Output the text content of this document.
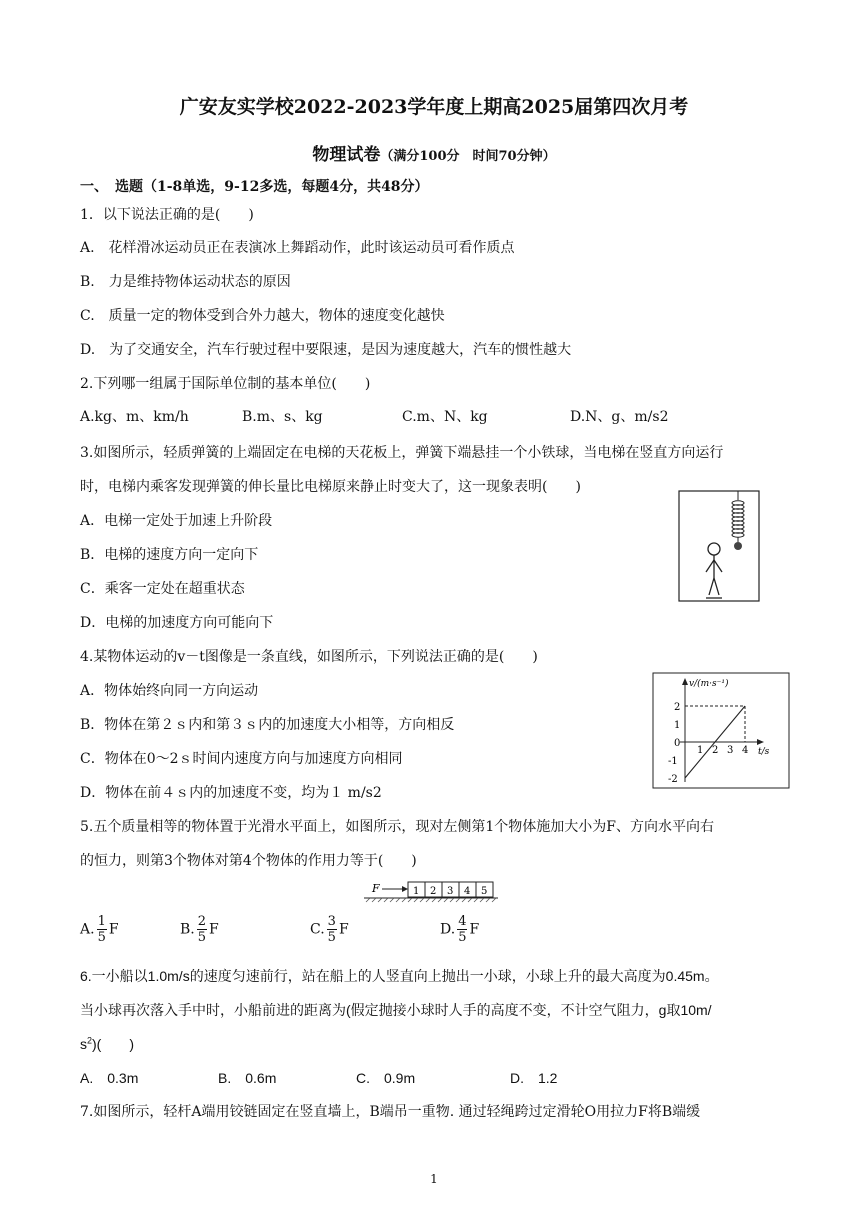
广安友实学校2022-2023学年度上期高2025届第四次月考
物理试卷（满分100分　时间70分钟）
一、　选题（1-8单选，9-12多选，每题4分，共48分）
1．以下说法正确的是(　　)
A.　花样滑冰运动员正在表演冰上舞蹈动作，此时该运动员可看作质点
B.　力是维持物体运动状态的原因
C.　质量一定的物体受到合外力越大，物体的速度变化越快
D.　为了交通安全，汽车行驶过程中要限速，是因为速度越大，汽车的惯性越大
2.下列哪一组属于国际单位制的基本单位(　　)
A.kg、m、km/h	B.m、s、kg	C.m、N、kg	D.N、g、m/s2
3.如图所示，轻质弹簧的上端固定在电梯的天花板上，弹簧下端悬挂一个小铁球，当电梯在竖直方向运行
时，电梯内乘客发现弹簧的伸长量比电梯原来静止时变大了，这一现象表明(　　)
A．电梯一定处于加速上升阶段
B．电梯的速度方向一定向下
C．乘客一定处在超重状态
D．电梯的加速度方向可能向下
4.某物体运动的v－t图像是一条直线，如图所示，下列说法正确的是(　　)
A．物体始终向同一方向运动
B．物体在第２ｓ内和第３ｓ内的加速度大小相等，方向相反
C．物体在0～2ｓ时间内速度方向与加速度方向相同
D．物体在前４ｓ内的加速度不变，均为１ m/s2
v/(m·s⁻¹)
t/s
2
1
0
-1
-2
1 2 3 4
5.五个质量相等的物体置于光滑水平面上，如图所示，现对左侧第1个物体施加大小为F、方向水平向右
的恒力，则第3个物体对第4个物体的作用力等于(　　)
F	1 2 3 4 5
A. $\frac{1}{5}$ F	B. $\frac{2}{5}$ F	C. $\frac{3}{5}$ F	D. $\frac{4}{5}$ F
6.一小船以1.0m/s的速度匀速前行，站在船上的人竖直向上抛出一小球，小球上升的最大高度为0.45m。
当小球再次落入手中时，小船前进的距离为(假定抛接小球时人手的高度不变，不计空气阻力，g取10m/
$s^2$)(　　)
A.　0.3m	B.　0.6m	C.　0.9m	D.　1.2
7.如图所示，轻杆A端用铰链固定在竖直墙上，B端吊一重物. 通过轻绳跨过定滑轮O用拉力F将B端缓
1
